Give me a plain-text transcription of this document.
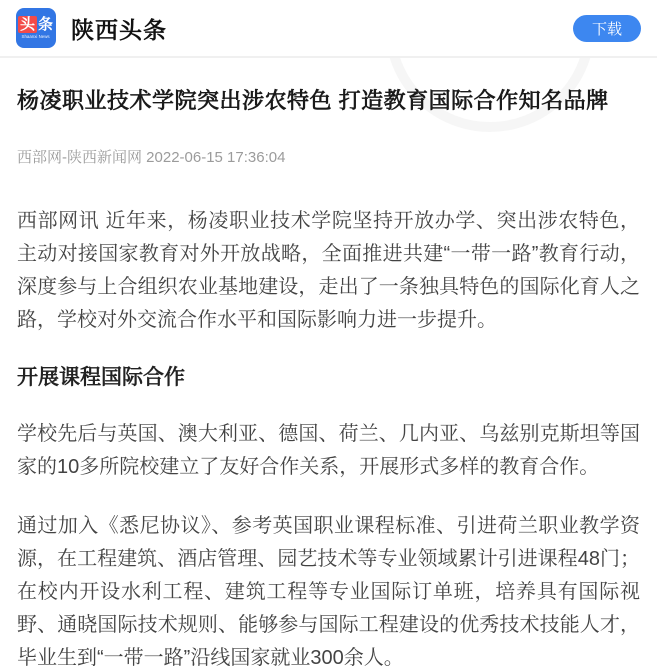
头 条
Shaanxi News 陕西头条	下载
杨凌职业技术学院突出涉农特色 打造教育国际合作知名品牌
西部网-陕西新闻网 2022-06-15 17:36:04

西部网讯 近年来，杨凌职业技术学院坚持开放办学、突出涉农特色，主动对接国家教育对外开放战略，全面推进共建“一带一路”教育行动，深度参与上合组织农业基地建设，走出了一条独具特色的国际化育人之路，学校对外交流合作水平和国际影响力进一步提升。

开展课程国际合作

学校先后与英国、澳大利亚、德国、荷兰、几内亚、乌兹别克斯坦等国家的10多所院校建立了友好合作关系，开展形式多样的教育合作。

通过加入《悉尼协议》、参考英国职业课程标准、引进荷兰职业教学资源，在工程建筑、酒店管理、园艺技术等专业领域累计引进课程48门；在校内开设水利工程、建筑工程等专业国际订单班，培养具有国际视野、通晓国际技术规则、能够参与国际工程建设的优秀技术技能人才，毕业生到“一带一路”沿线国家就业300余人。
